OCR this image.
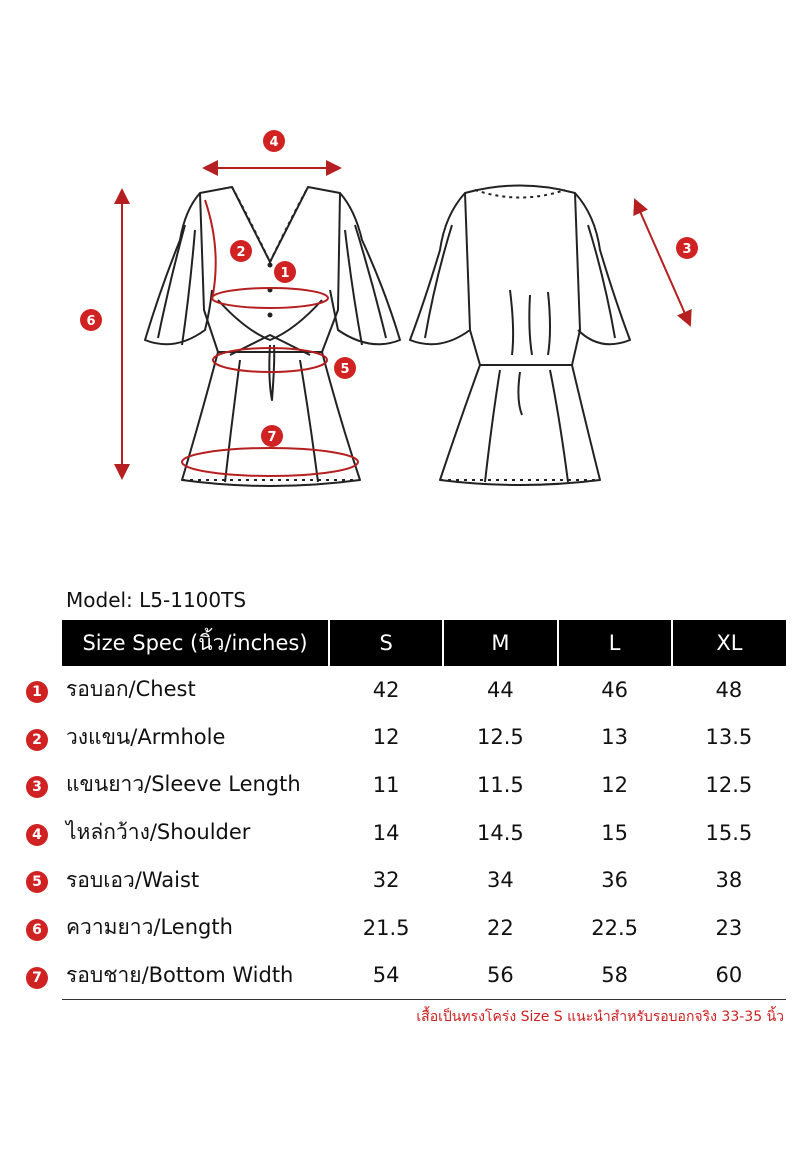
4
2
1
3
6
5
7
Model: L5-1100TS
Size Spec (นิ้ว/inches)	S	M	L	XL
รอบอก/Chest	42	44	46	48
วงแขน/Armhole	12	12.5	13	13.5
แขนยาว/Sleeve Length	11	11.5	12	12.5
ไหล่กว้าง/Shoulder	14	14.5	15	15.5
รอบเอว/Waist	32	34	36	38
ความยาว/Length	21.5	22	22.5	23
รอบชาย/Bottom Width	54	56	58	60
1
2
3
4
5
6
7
เสื้อเป็นทรงโคร่ง Size S แนะนำสำหรับรอบอกจริง 33-35 นิ้ว
